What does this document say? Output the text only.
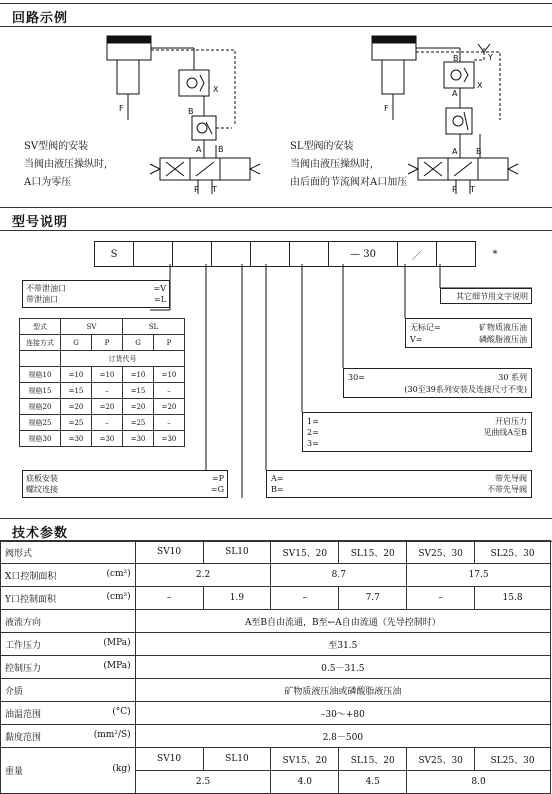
回路示例
F	B
X
A B
P T
F
B
X
Y
A
A B
P T
SV型阀的安装
当阀由液压操纵时,
A口为零压
SL型阀的安装
当阀由液压操纵时,
由后面的节流阀对A口加压
型号说明
S						— 30	／		*
不带泄油口	=V
带泄油口	=L
型式	SV		SL	
连接方式	G	P	G	P
	订货代号			
规格10	=10	=10	=10	=10
规格15	=15	–	=15	–
规格20	=20	=20	=20	=20
规格25	=25	–	=25	–
规格30	=30	=30	=30	=30
底板安装	=P
螺纹连接	=G
A=	带先导阀
B=	不带先导阀
1=	开启压力
2=	见曲线A至B
3=
30=	30 系列
(30至39系列安装及连接尺寸不变)
无标记=	矿物质液压油
V=	磷酸脂液压油
其它细节用文字说明
技术参数
阀形式	SV10	SL10	SV15、20	SL15、20	SV25、30	SL25、30
X口控制面积 (cm²)	2.2		8.7		17.5	
Y口控制面积 (cm²)	–	1.9	–	7.7	–	15.8
液流方向	A至B自由流通，B至←A自由流通（先导控制时）					
工作压力 (MPa)	至31.5					
控制压力 (MPa)	0.5－31.5					
介质	矿物质液压油或磷酸脂液压油					
油温范围 (°C)	–30～+80					
黏度范围 (mm²/S)	2.8－500					
重量 (kg)	SV10	SL10	SV15、20	SL15、20	SV25、30	SL25、30
	2.5		4.0	4.5	8.0	
